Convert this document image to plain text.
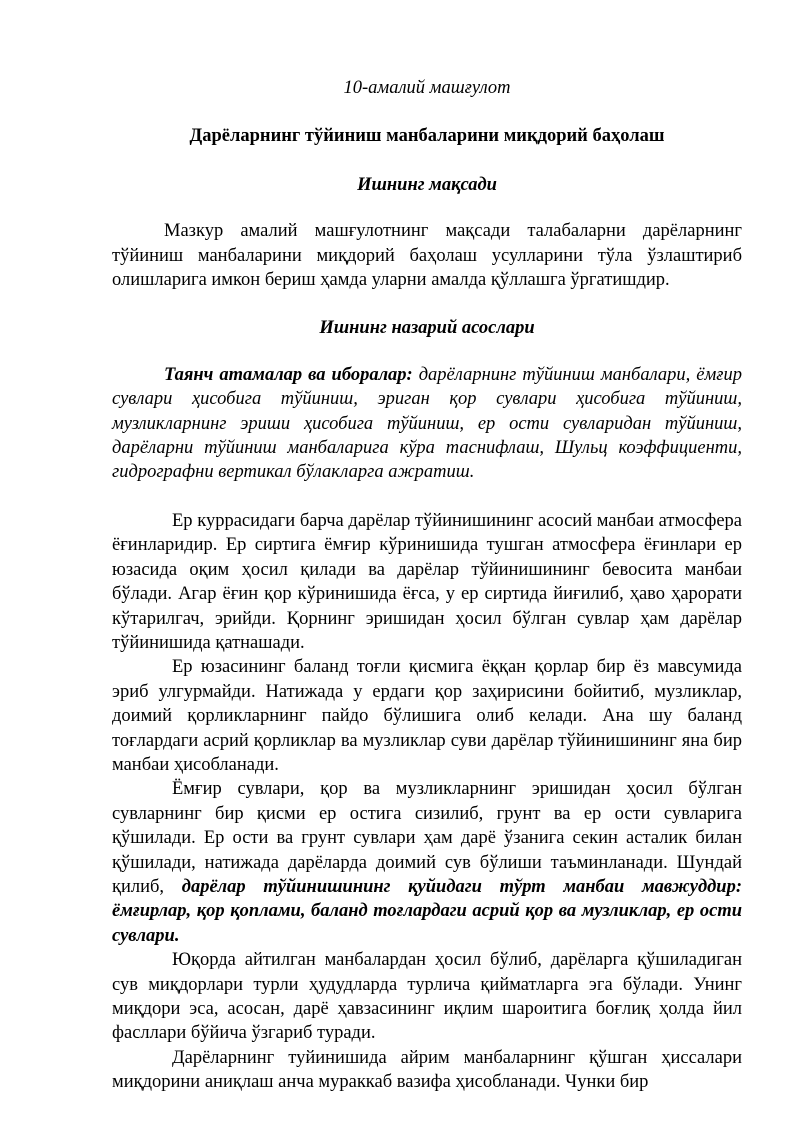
10-амалий машғулот

Дарёларнинг тўйиниш манбаларини миқдорий баҳолаш

Ишнинг мақсади

Мазкур амалий машғулотнинг мақсади талабаларни дарёларнинг тўйиниш манбаларини миқдорий баҳолаш усулларини тўла ўзлаштириб олишларига имкон бериш ҳамда уларни амалда қўллашга ўргатишдир.

Ишнинг назарий асослари

Таянч атамалар ва иборалар: дарёларнинг тўйиниш манбалари, ёмғир сувлари ҳисобига тўйиниш, эриган қор сувлари ҳисобига тўйиниш, музликларнинг эриши ҳисобига тўйиниш, ер ости сувларидан тўйиниш, дарёларни тўйиниш манбаларига кўра таснифлаш, Шульц коэффициенти, гидрографни вертикал бўлакларга ажратиш.

Ер куррасидаги барча дарёлар тўйинишининг асосий манбаи атмосфера ёғинларидир. Ер сиртига ёмғир кўринишида тушган атмосфера ёғинлари ер юзасида оқим ҳосил қилади ва дарёлар тўйинишининг бевосита манбаи бўлади. Агар ёғин қор кўринишида ёғса, у ер сиртида йиғилиб, ҳаво ҳарорати кўтарилгач, эрийди. Қорнинг эришидан ҳосил бўлган сувлар ҳам дарёлар тўйинишида қатнашади.

Ер юзасининг баланд тоғли қисмига ёққан қорлар бир ёз мавсумида эриб улгурмайди. Натижада у ердаги қор заҳирисини бойитиб, музликлар, доимий қорликларнинг пайдо бўлишига олиб келади. Ана шу баланд тоғлардаги асрий қорликлар ва музликлар суви дарёлар тўйинишининг яна бир манбаи ҳисобланади.

Ёмғир сувлари, қор ва музликларнинг эришидан ҳосил бўлган сувларнинг бир қисми ер остига сизилиб, грунт ва ер ости сувларига қўшилади. Ер ости ва грунт сувлари ҳам дарё ўзанига секин асталик билан қўшилади, натижада дарёларда доимий сув бўлиши таъминланади. Шундай қилиб, дарёлар тўйинишининг қуйидаги тўрт манбаи мавжуддир: ёмғирлар, қор қоплами, баланд тоғлардаги асрий қор ва музликлар, ер ости сувлари.

Юқорда айтилган манбалардан ҳосил бўлиб, дарёларга қўшиладиган сув миқдорлари турли ҳудудларда турлича қийматларга эга бўлади. Унинг миқдори эса, асосан, дарё ҳавзасининг иқлим шароитига боғлиқ ҳолда йил фасллари бўйича ўзгариб туради.

Дарёларнинг туйинишида айрим манбаларнинг қўшган ҳиссалари миқдорини аниқлаш анча мураккаб вазифа ҳисобланади. Чунки бир
